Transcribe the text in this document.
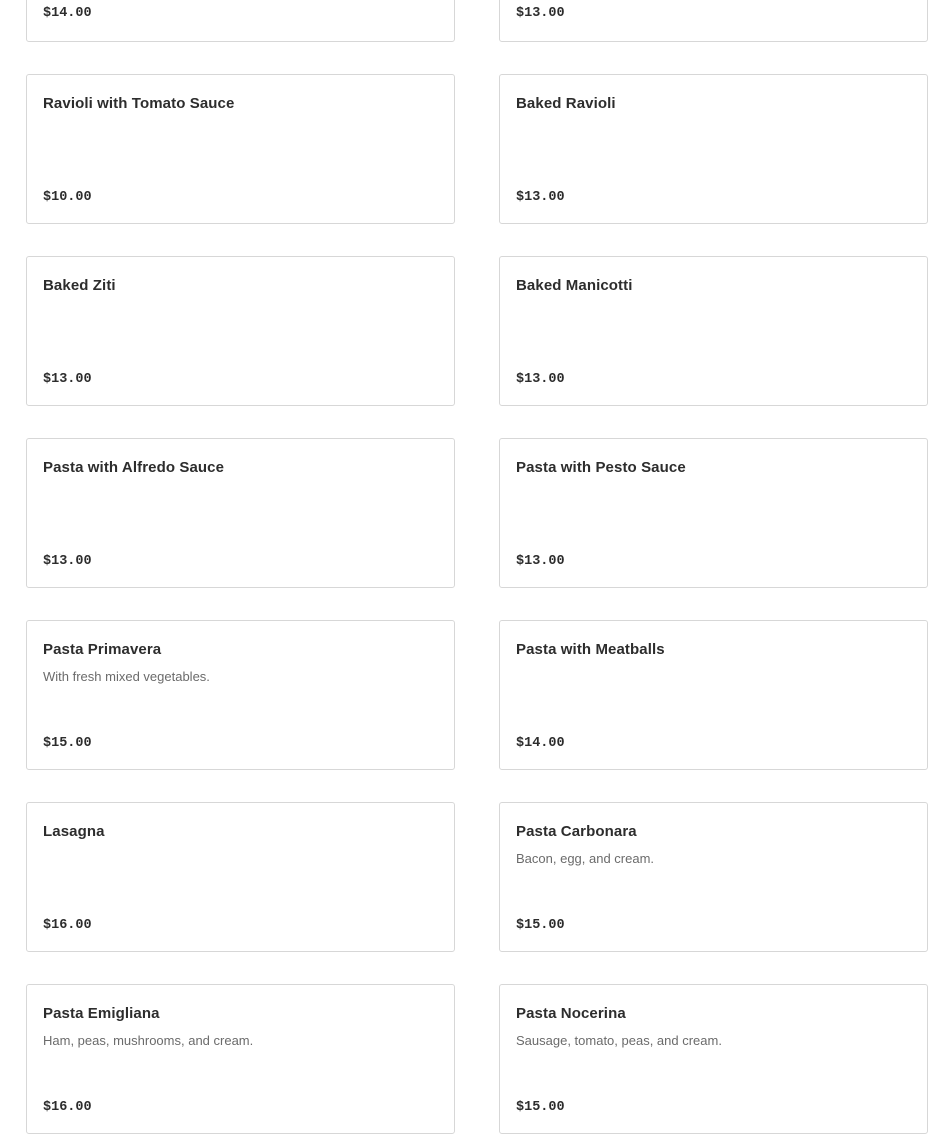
$14.00	$13.00
Ravioli with Tomato Sauce
$10.00
Baked Ravioli
$13.00
Baked Ziti
$13.00
Baked Manicotti
$13.00
Pasta with Alfredo Sauce
$13.00
Pasta with Pesto Sauce
$13.00
Pasta Primavera
With fresh mixed vegetables.
$15.00
Pasta with Meatballs
$14.00
Lasagna
$16.00
Pasta Carbonara
Bacon, egg, and cream.
$15.00
Pasta Emigliana
Ham, peas, mushrooms, and cream.
$16.00
Pasta Nocerina
Sausage, tomato, peas, and cream.
$15.00
